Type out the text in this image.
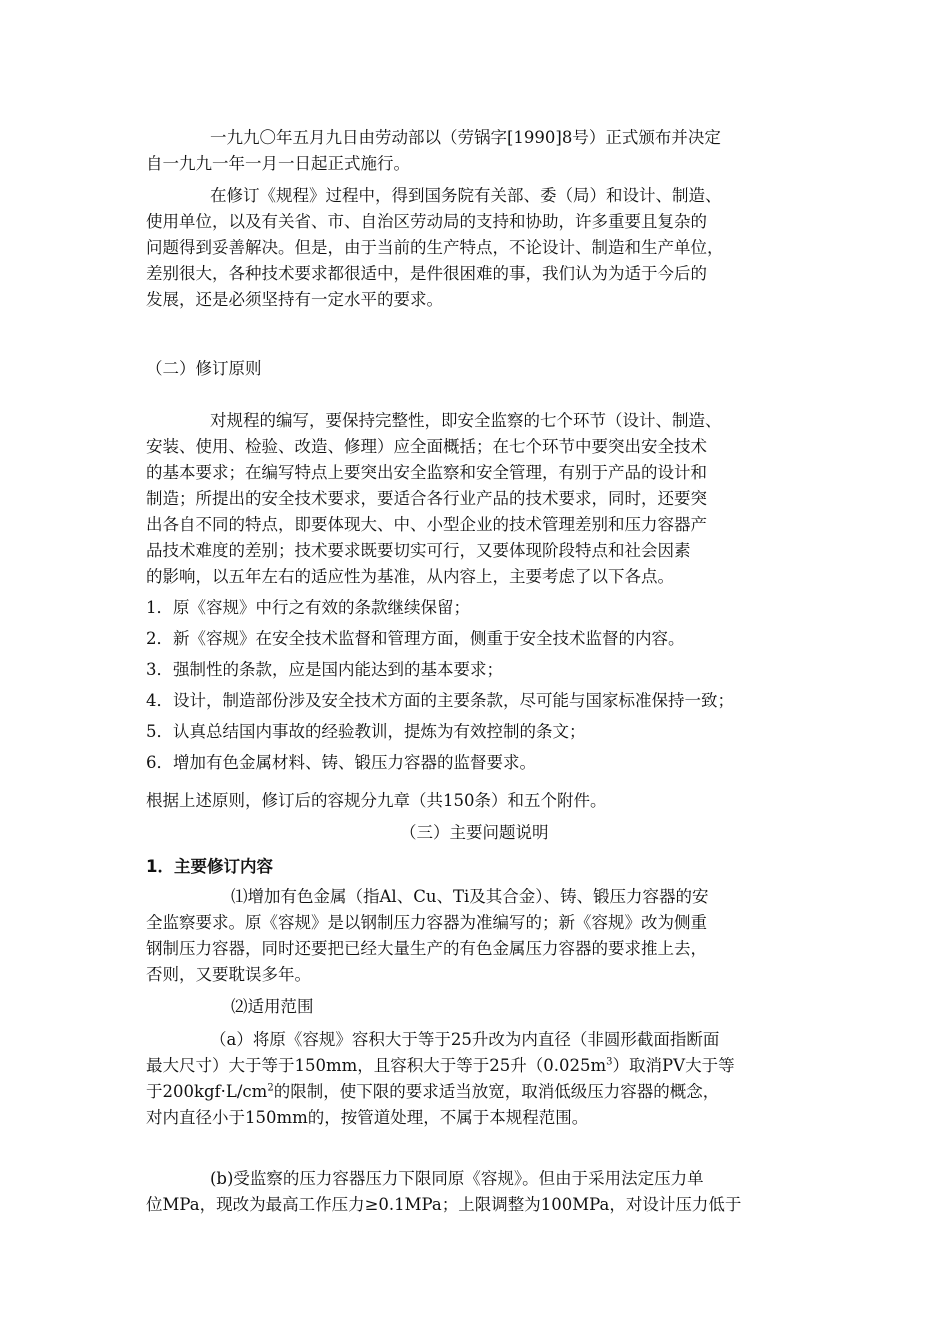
一九九〇年五月九日由劳动部以（劳锅字[1990]8号）正式颁布并决定
自一九九一年一月一日起正式施行。
在修订《规程》过程中，得到国务院有关部、委（局）和设计、制造、
使用单位，以及有关省、市、自治区劳动局的支持和协助，许多重要且复杂的
问题得到妥善解决。但是，由于当前的生产特点，不论设计、制造和生产单位，
差别很大，各种技术要求都很适中，是件很困难的事，我们认为为适于今后的
发展，还是必须坚持有一定水平的要求。
（二）修订原则
对规程的编写，要保持完整性，即安全监察的七个环节（设计、制造、
安装、使用、检验、改造、修理）应全面概括；在七个环节中要突出安全技术
的基本要求；在编写特点上要突出安全监察和安全管理，有别于产品的设计和
制造；所提出的安全技术要求，要适合各行业产品的技术要求，同时，还要突
出各自不同的特点，即要体现大、中、小型企业的技术管理差别和压力容器产
品技术难度的差别；技术要求既要切实可行，又要体现阶段特点和社会因素
的影响，以五年左右的适应性为基准，从内容上，主要考虑了以下各点。
1．原《容规》中行之有效的条款继续保留；
2．新《容规》在安全技术监督和管理方面，侧重于安全技术监督的内容。
3．强制性的条款，应是国内能达到的基本要求；
4．设计，制造部份涉及安全技术方面的主要条款，尽可能与国家标准保持一致；
5．认真总结国内事故的经验教训，提炼为有效控制的条文；
6．增加有色金属材料、铸、锻压力容器的监督要求。
根据上述原则，修订后的容规分九章（共150条）和五个附件。
（三）主要问题说明
1．主要修订内容
⑴增加有色金属（指Al、Cu、Ti及其合金）、铸、锻压力容器的安
全监察要求。原《容规》是以钢制压力容器为准编写的；新《容规》改为侧重
钢制压力容器，同时还要把已经大量生产的有色金属压力容器的要求推上去，
否则，又要耽误多年。
⑵适用范围
（a）将原《容规》容积大于等于25升改为内直径（非圆形截面指断面
最大尺寸）大于等于150mm，且容积大于等于25升$(0.025m^3)$取消PV大于等
于$200kgf\cdot L/cm^2$的限制，使下限的要求适当放宽，取消低级压力容器的概念，
对内直径小于150mm的，按管道处理，不属于本规程范围。
(b)受监察的压力容器压力下限同原《容规》。但由于采用法定压力单
位MPa，现改为最高工作压力≥0.1MPa；上限调整为100MPa，对设计压力低于
